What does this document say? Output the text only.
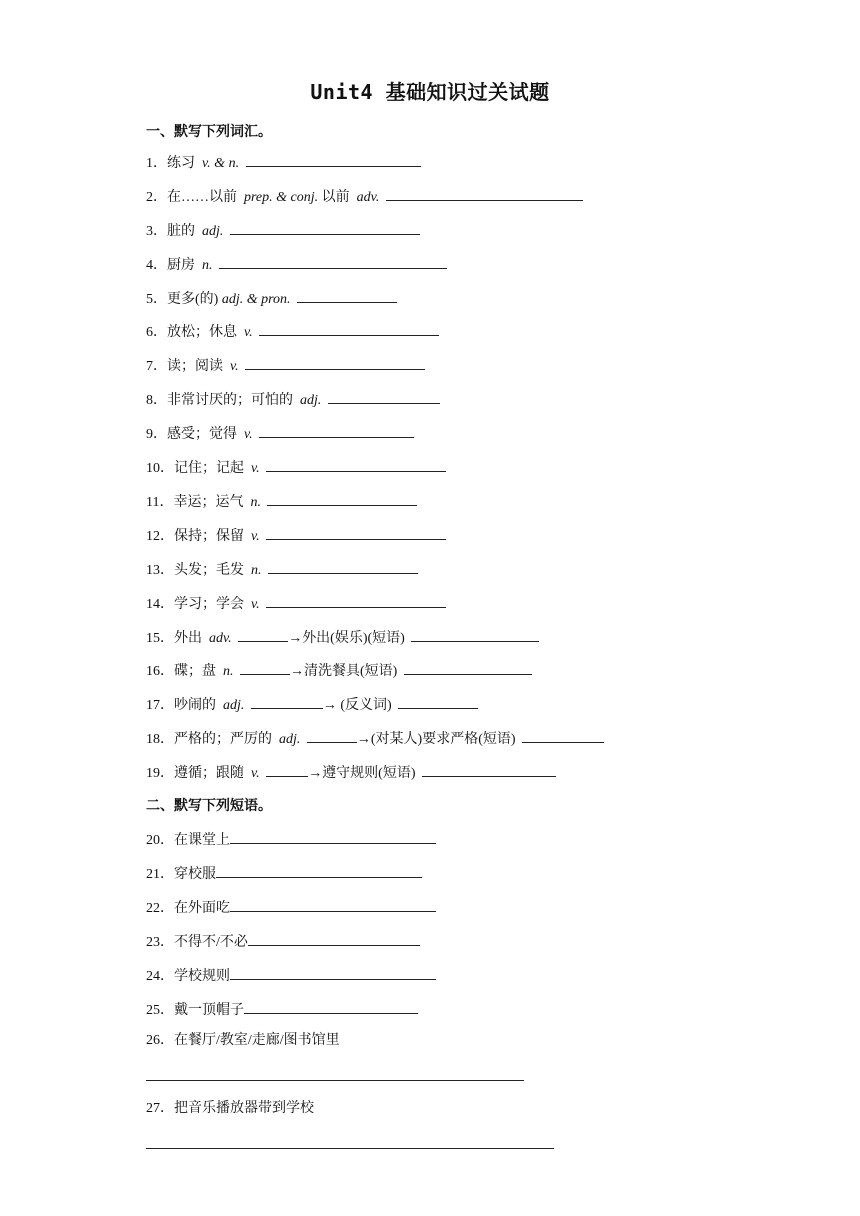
Unit4 基础知识过关试题
一、默写下列词汇。
1．练习 v. & n.
2．在……以前 prep. & conj. 以前 adv.
3．脏的 adj.
4．厨房 n.
5．更多(的) adj. & pron.
6．放松；休息 v.
7．读；阅读 v.
8．非常讨厌的；可怕的 adj.
9．感受；觉得 v.
10．记住；记起 v.
11．幸运；运气 n.
12．保持；保留 v.
13．头发；毛发 n.
14．学习；学会 v.
15．外出 adv.	→外出(娱乐)(短语)
16．碟；盘 n.	→清洗餐具(短语)
17．吵闹的 adj.	→ (反义词)
18．严格的；严厉的 adj.	→(对某人)要求严格(短语)
19．遵循；跟随 v.	→遵守规则(短语)
二、默写下列短语。
20．在课堂上
21．穿校服
22．在外面吃
23．不得不/不必
24．学校规则
25．戴一顶帽子
26．在餐厅/教室/走廊/图书馆里
27．把音乐播放器带到学校
